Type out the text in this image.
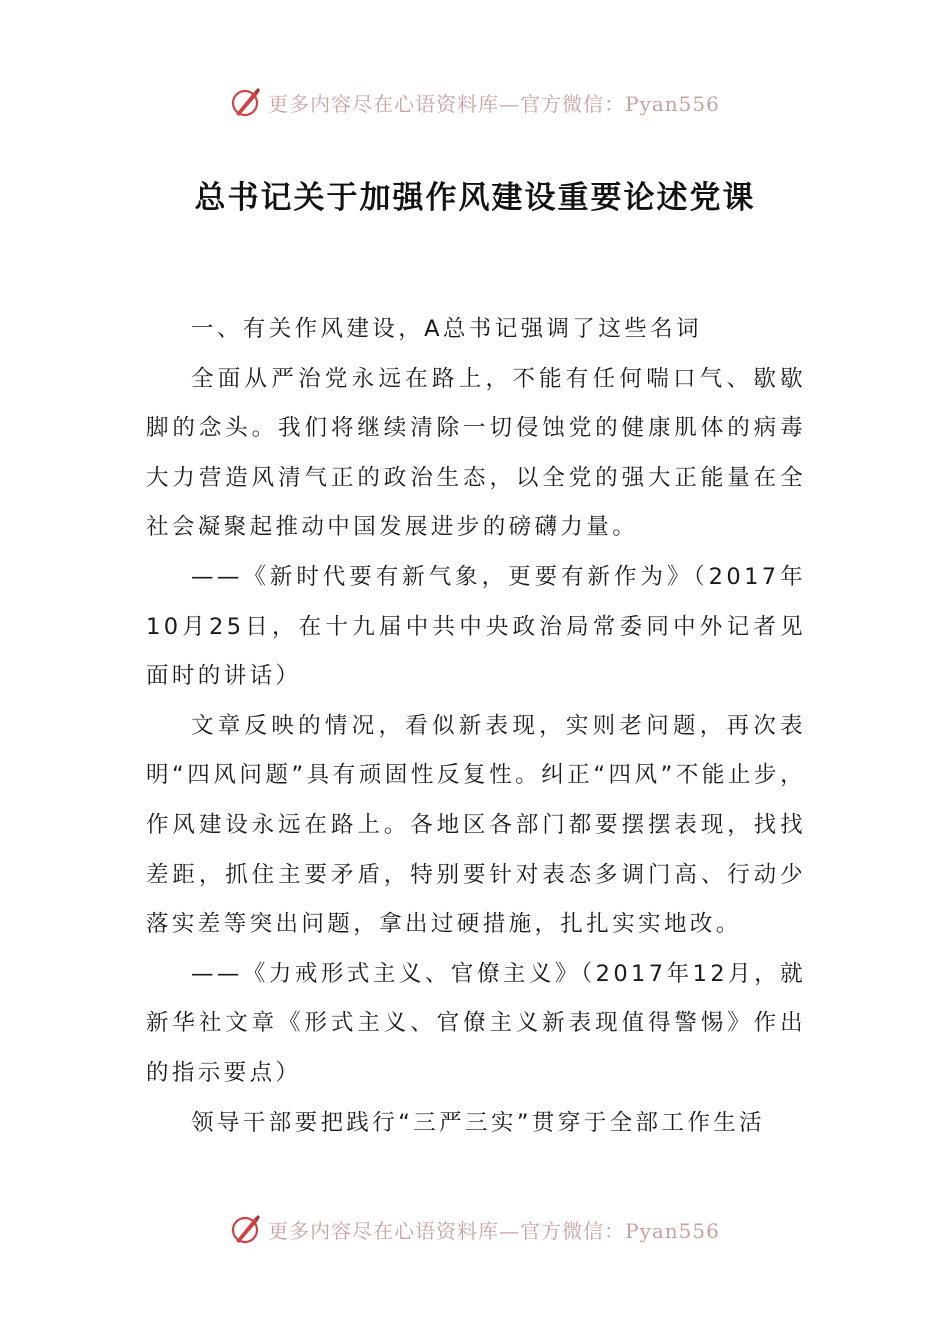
更多内容尽在心语资料库—官方微信：Pyan556
总书记关于加强作风建设重要论述党课

一、有关作风建设，A总书记强调了这些名词

全面从严治党永远在路上，不能有任何喘口气、歇歇脚的念头。我们将继续清除一切侵蚀党的健康肌体的病毒大力营造风清气正的政治生态，以全党的强大正能量在全社会凝聚起推动中国发展进步的磅礴力量。

——《新时代要有新气象，更要有新作为》（2017年10月25日，在十九届中共中央政治局常委同中外记者见面时的讲话）

文章反映的情况，看似新表现，实则老问题，再次表明“四风问题”具有顽固性反复性。纠正“四风”不能止步，作风建设永远在路上。各地区各部门都要摆摆表现，找找差距，抓住主要矛盾，特别要针对表态多调门高、行动少落实差等突出问题，拿出过硬措施，扎扎实实地改。

——《力戒形式主义、官僚主义》（2017年12月，就新华社文章《形式主义、官僚主义新表现值得警惕》作出的指示要点）

领导干部要把践行“三严三实”贯穿于全部工作生活

更多内容尽在心语资料库—官方微信：Pyan556
